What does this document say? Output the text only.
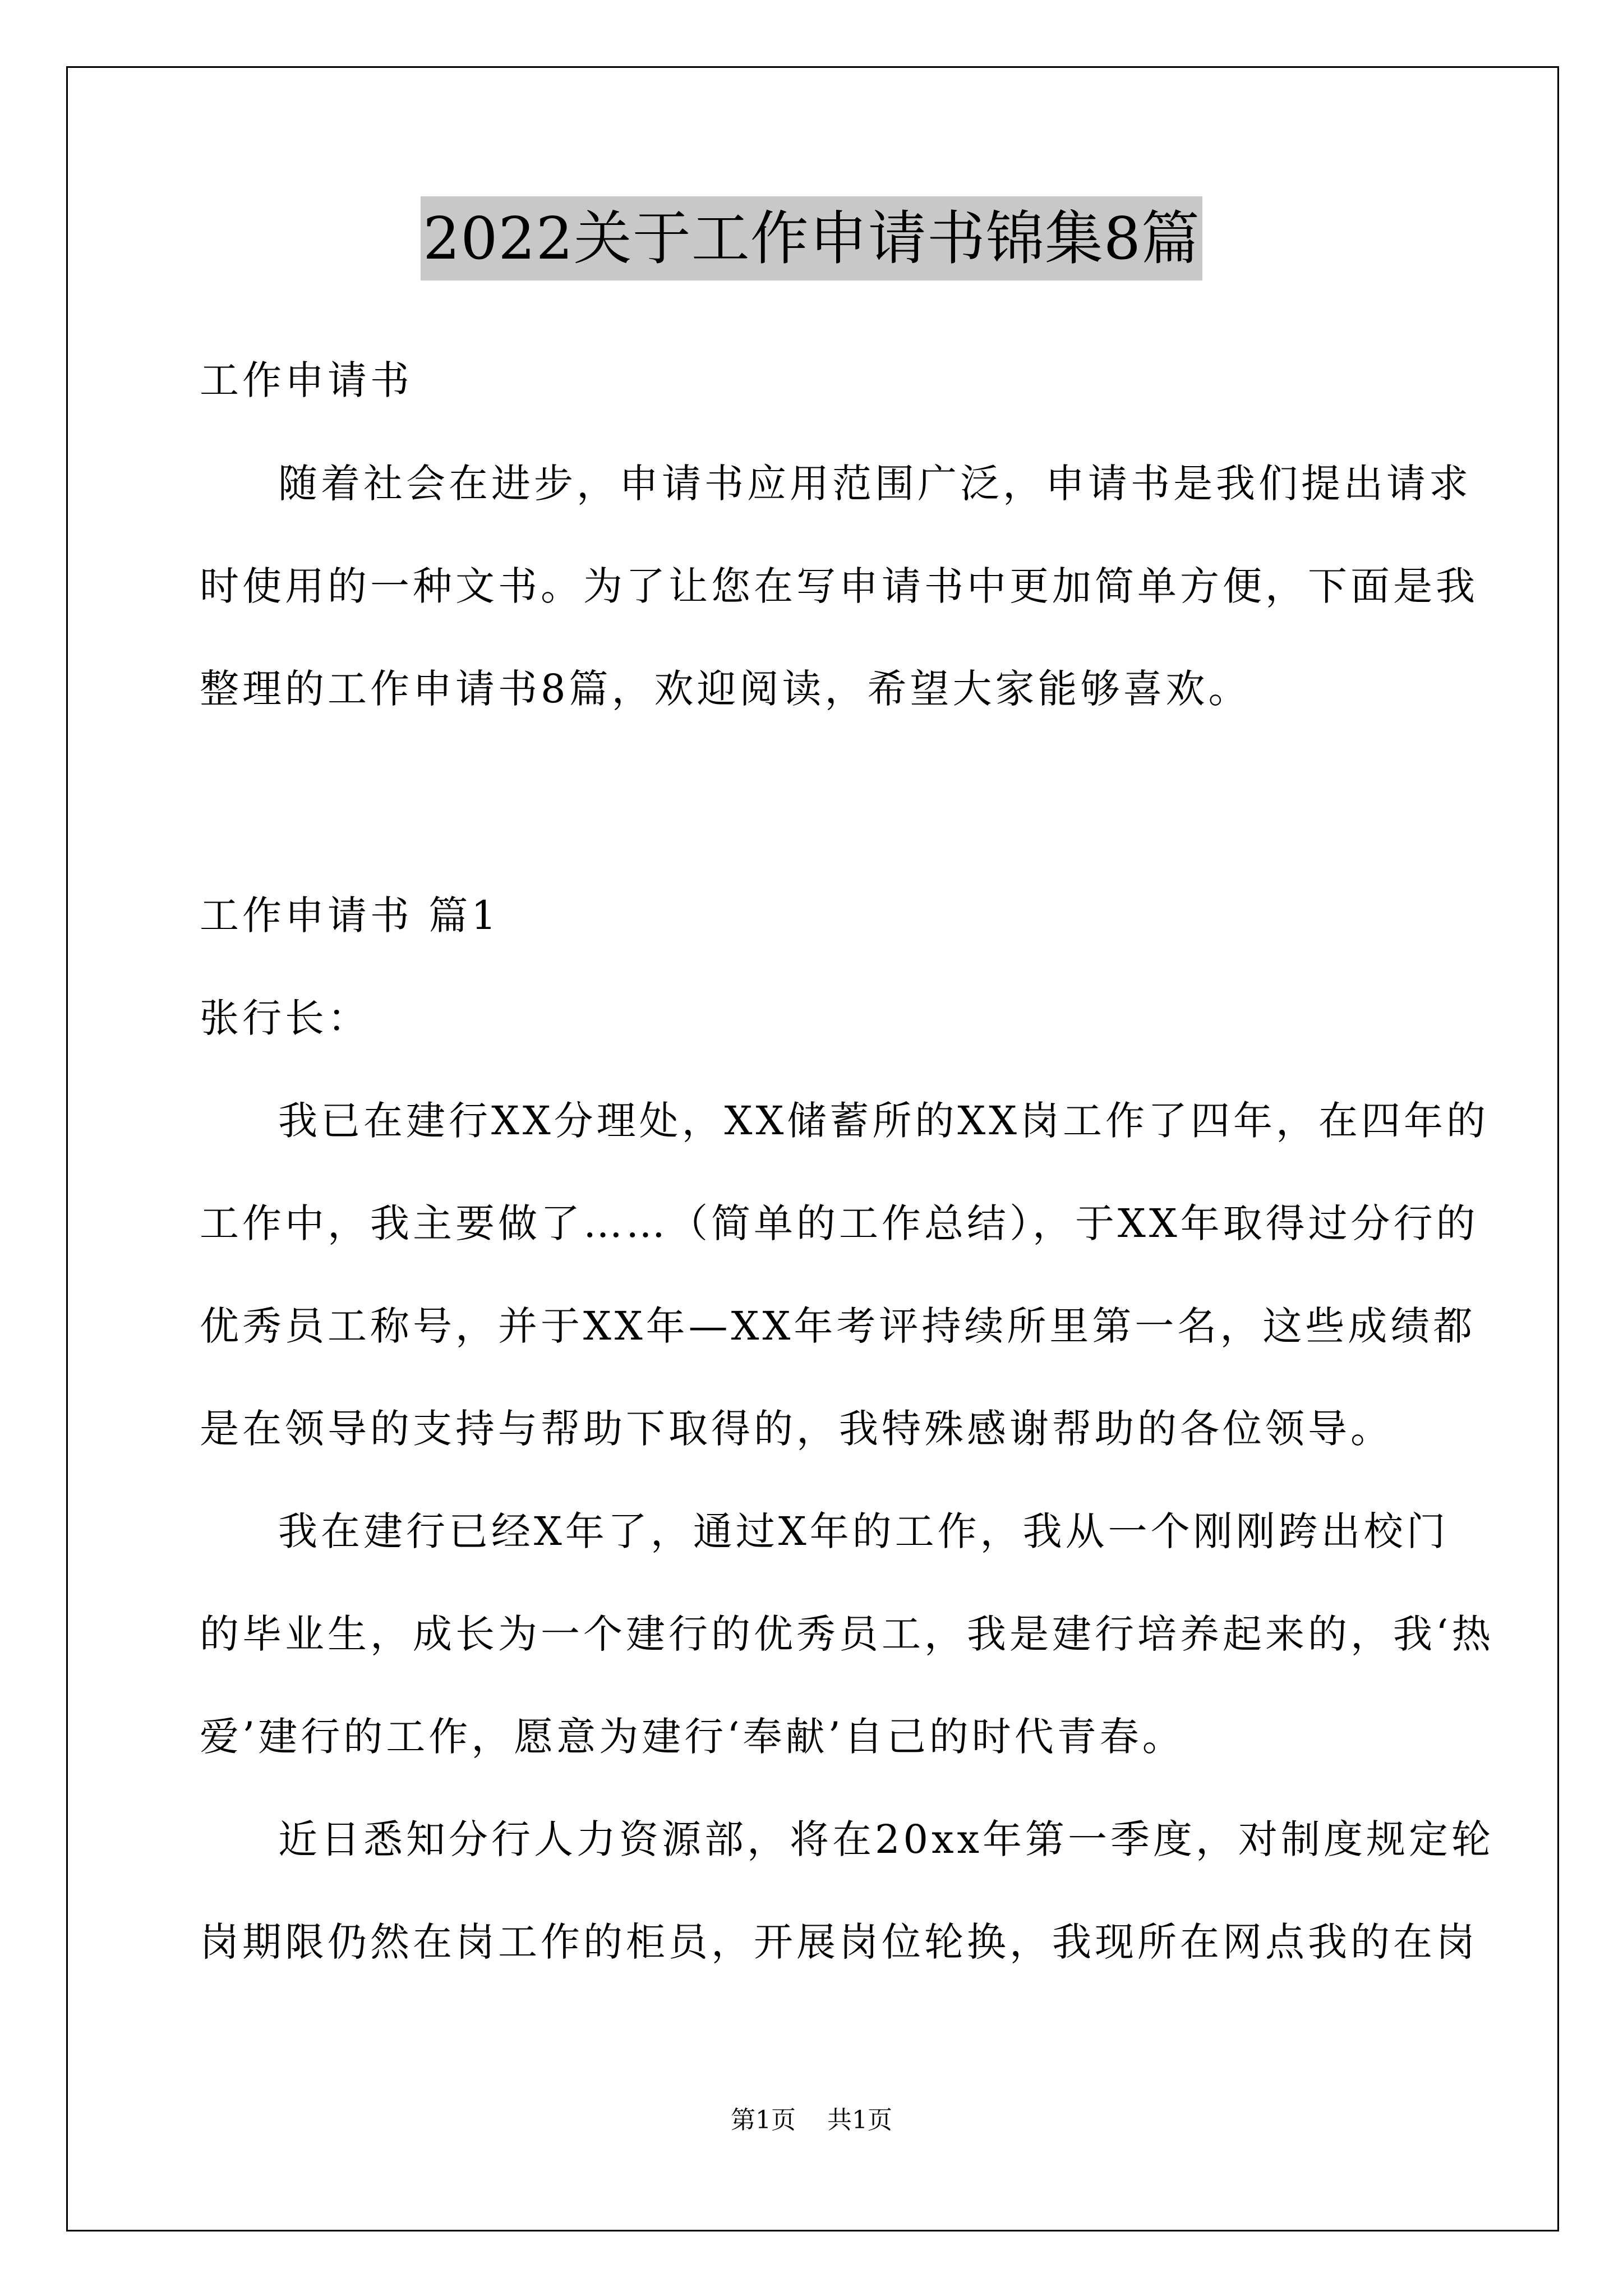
2022关于工作申请书锦集8篇
工作申请书
随着社会在进步，申请书应用范围广泛，申请书是我们提出请求
时使用的一种文书。为了让您在写申请书中更加简单方便，下面是我
整理的工作申请书8篇，欢迎阅读，希望大家能够喜欢。
工作申请书 篇1
张行长：
我已在建行XX分理处，XX储蓄所的XX岗工作了四年，在四年的
工作中，我主要做了……（简单的工作总结），于XX年取得过分行的
优秀员工称号，并于XX年—XX年考评持续所里第一名，这些成绩都
是在领导的支持与帮助下取得的，我特殊感谢帮助的各位领导。
我在建行已经X年了，通过X年的工作，我从一个刚刚跨出校门
的毕业生，成长为一个建行的优秀员工，我是建行培养起来的，我‘热
爱’建行的工作，愿意为建行‘奉献’自己的时代青春。
近日悉知分行人力资源部，将在20xx年第一季度，对制度规定轮
岗期限仍然在岗工作的柜员，开展岗位轮换，我现所在网点我的在岗
第1页 共1页
